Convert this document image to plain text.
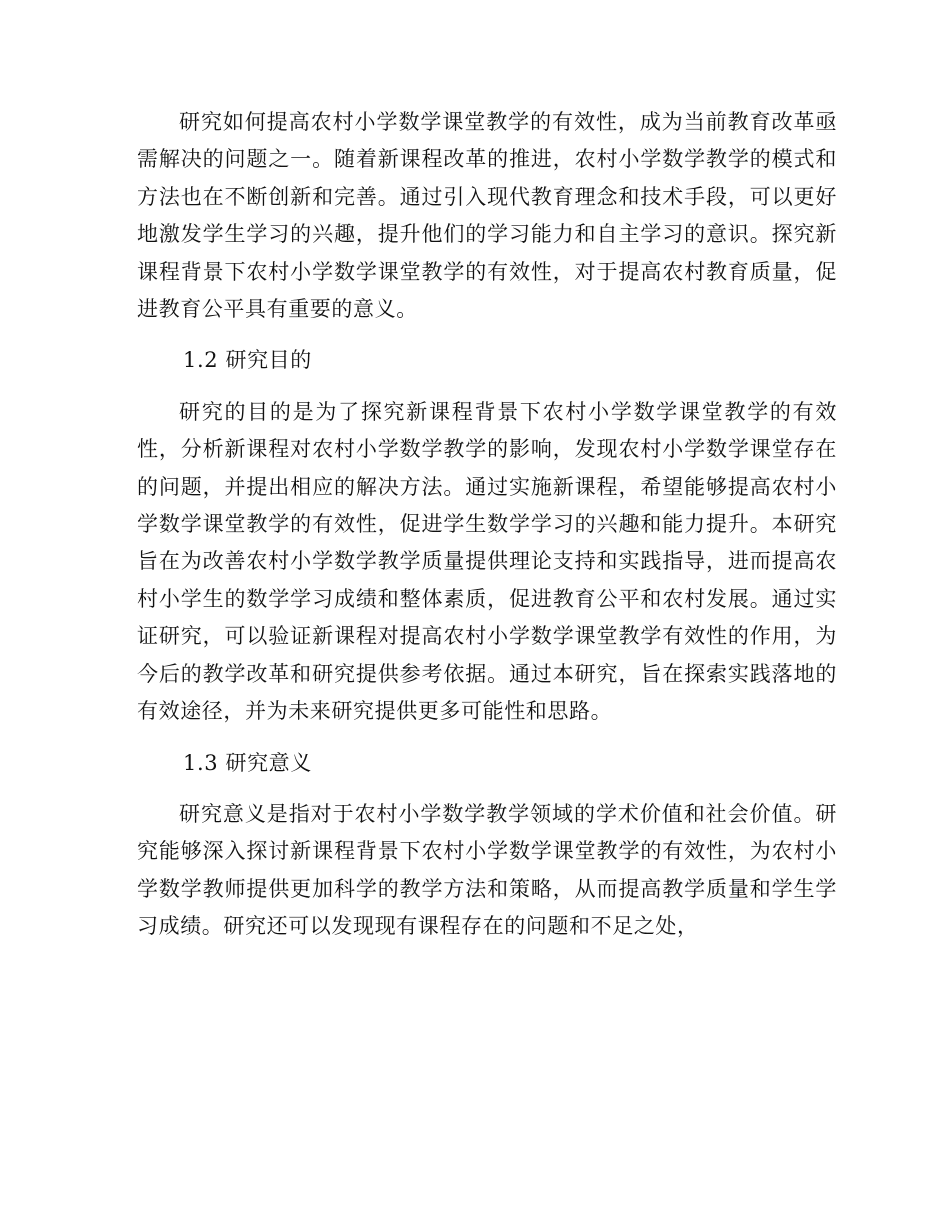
研究如何提高农村小学数学课堂教学的有效性，成为当前教育改革亟需解决的问题之一。随着新课程改革的推进，农村小学数学教学的模式和方法也在不断创新和完善。通过引入现代教育理念和技术手段，可以更好地激发学生学习的兴趣，提升他们的学习能力和自主学习的意识。探究新课程背景下农村小学数学课堂教学的有效性，对于提高农村教育质量，促进教育公平具有重要的意义。

1.2 研究目的

研究的目的是为了探究新课程背景下农村小学数学课堂教学的有效性，分析新课程对农村小学数学教学的影响，发现农村小学数学课堂存在的问题，并提出相应的解决方法。通过实施新课程，希望能够提高农村小学数学课堂教学的有效性，促进学生数学学习的兴趣和能力提升。本研究旨在为改善农村小学数学教学质量提供理论支持和实践指导，进而提高农村小学生的数学学习成绩和整体素质，促进教育公平和农村发展。通过实证研究，可以验证新课程对提高农村小学数学课堂教学有效性的作用，为今后的教学改革和研究提供参考依据。通过本研究，旨在探索实践落地的有效途径，并为未来研究提供更多可能性和思路。

1.3 研究意义

研究意义是指对于农村小学数学教学领域的学术价值和社会价值。研究能够深入探讨新课程背景下农村小学数学课堂教学的有效性，为农村小学数学教师提供更加科学的教学方法和策略，从而提高教学质量和学生学习成绩。研究还可以发现现有课程存在的问题和不足之处，
